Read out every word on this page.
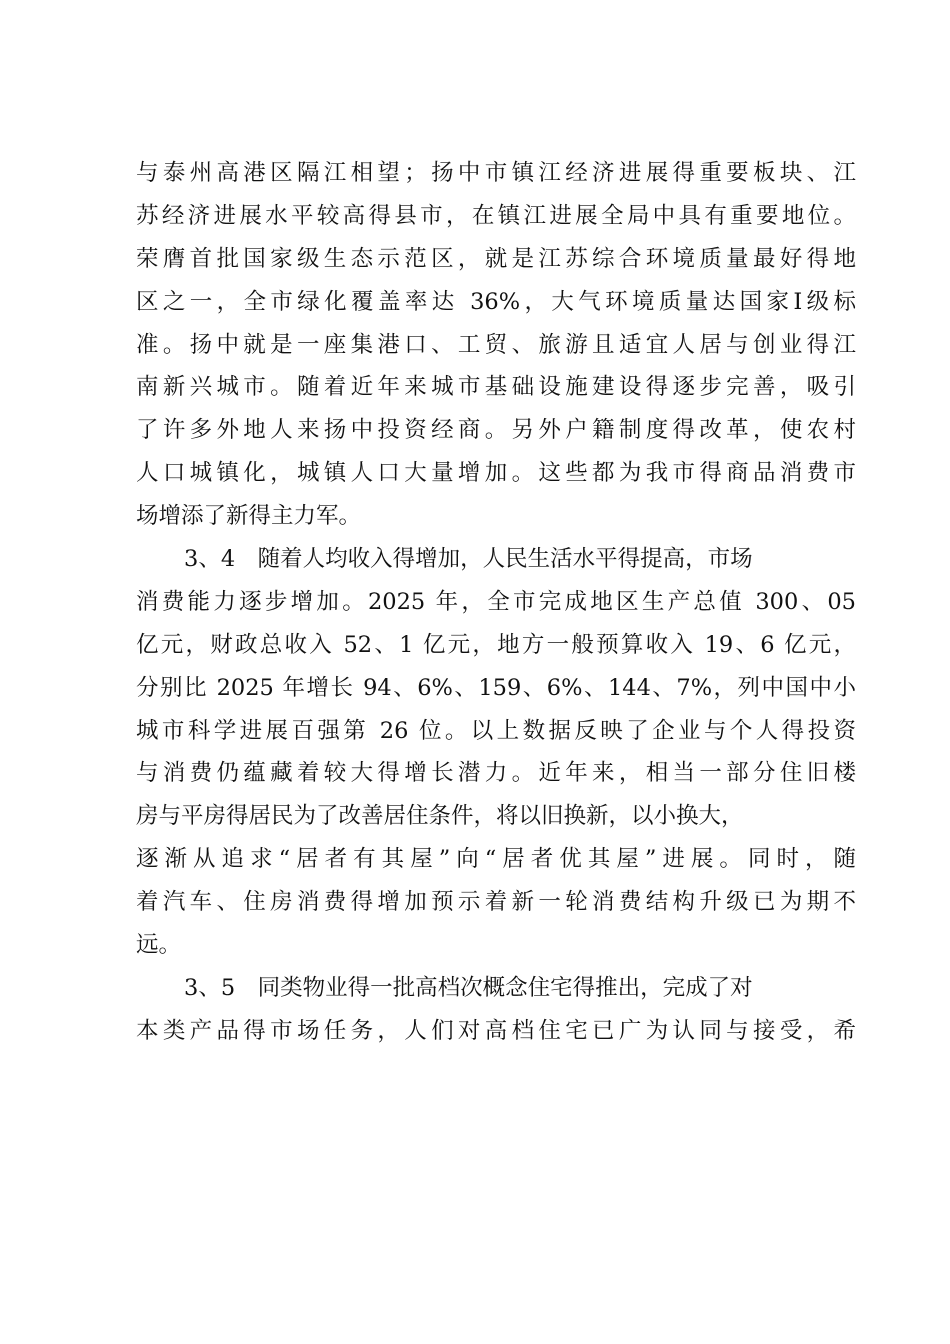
与泰州高港区隔江相望；扬中市镇江经济进展得重要板块、江
苏经济进展水平较高得县市，在镇江进展全局中具有重要地位。
荣膺首批国家级生态示范区，就是江苏综合环境质量最好得地
区之一，全市绿化覆盖率达 36%，大气环境质量达国家Ⅰ级标
准。扬中就是一座集港口、工贸、旅游且适宜人居与创业得江
南新兴城市。随着近年来城市基础设施建设得逐步完善，吸引
了许多外地人来扬中投资经商。另外户籍制度得改革，使农村
人口城镇化，城镇人口大量增加。这些都为我市得商品消费市
场增添了新得主力军。
3、4　随着人均收入得增加，人民生活水平得提高，市场
消费能力逐步增加。2025 年，全市完成地区生产总值 300、05
亿元，财政总收入 52、1 亿元，地方一般预算收入 19、6 亿元，
分别比 2025 年增长 94、6%、159、6%、144、7%，列中国中小
城市科学进展百强第 26 位。以上数据反映了企业与个人得投资
与消费仍蕴藏着较大得增长潜力。近年来，相当一部分住旧楼
房与平房得居民为了改善居住条件，将以旧换新，以小换大，
逐渐从追求“居者有其屋”向“居者优其屋”进展。同时，随
着汽车、住房消费得增加预示着新一轮消费结构升级已为期不
远。
3、5　同类物业得一批高档次概念住宅得推出，完成了对
本类产品得市场任务，人们对高档住宅已广为认同与接受，希
